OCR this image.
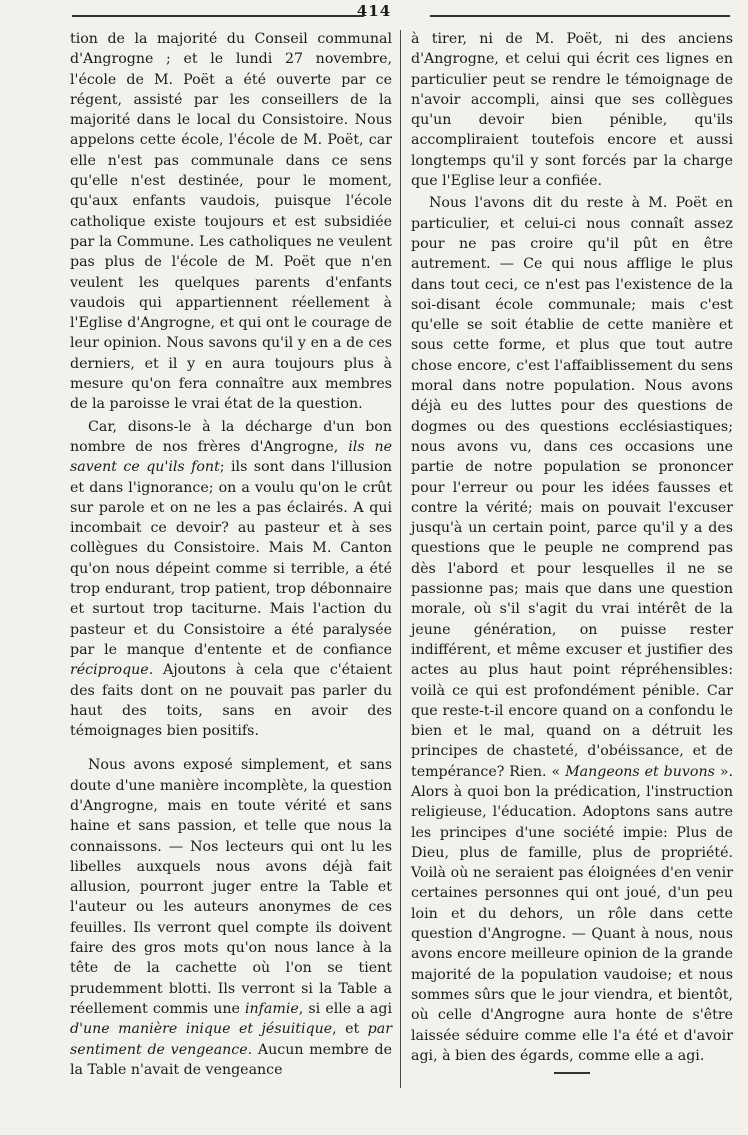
414

tion de la majorité du Conseil communal d'Angrogne ; et le lundi 27 novembre, l'école de M. Poët a été ouverte par ce régent, assisté par les conseillers de la majorité dans le local du Consistoire. Nous appelons cette école, l'école de M. Poët, car elle n'est pas communale dans ce sens qu'elle n'est destinée, pour le moment, qu'aux enfants vaudois, puisque l'école catholique existe toujours et est subsidiée par la Commune. Les catholiques ne veulent pas plus de l'école de M. Poët que n'en veulent les quelques parents d'enfants vaudois qui appartiennent réellement à l'Eglise d'Angrogne, et qui ont le courage de leur opinion. Nous savons qu'il y en a de ces derniers, et il y en aura toujours plus à mesure qu'on fera connaître aux membres de la paroisse le vrai état de la question.

Car, disons-le à la décharge d'un bon nombre de nos frères d'Angrogne, ils ne savent ce qu'ils font; ils sont dans l'illusion et dans l'ignorance; on a voulu qu'on le crût sur parole et on ne les a pas éclairés. A qui incombait ce devoir? au pasteur et à ses collègues du Consistoire. Mais M. Canton qu'on nous dépeint comme si terrible, a été trop endurant, trop patient, trop débonnaire et surtout trop taciturne. Mais l'action du pasteur et du Consistoire a été paralysée par le manque d'entente et de confiance réciproque. Ajoutons à cela que c'étaient des faits dont on ne pouvait pas parler du haut des toits, sans en avoir des témoignages bien positifs.

Nous avons exposé simplement, et sans doute d'une manière incomplète, la question d'Angrogne, mais en toute vérité et sans haine et sans passion, et telle que nous la connaissons. — Nos lecteurs qui ont lu les libelles auxquels nous avons déjà fait allusion, pourront juger entre la Table et l'auteur ou les auteurs anonymes de ces feuilles. Ils verront quel compte ils doivent faire des gros mots qu'on nous lance à la tête de la cachette où l'on se tient prudemment blotti. Ils verront si la Table a réellement commis une infamie, si elle a agi d'une manière inique et jésuitique, et par sentiment de vengeance. Aucun membre de la Table n'avait de vengeance

à tirer, ni de M. Poët, ni des anciens d'Angrogne, et celui qui écrit ces lignes en particulier peut se rendre le témoignage de n'avoir accompli, ainsi que ses collègues qu'un devoir bien pénible, qu'ils accompliraient toutefois encore et aussi longtemps qu'il y sont forcés par la charge que l'Eglise leur a confiée.

Nous l'avons dit du reste à M. Poët en particulier, et celui-ci nous connaît assez pour ne pas croire qu'il pût en être autrement. — Ce qui nous afflige le plus dans tout ceci, ce n'est pas l'existence de la soi-disant école communale; mais c'est qu'elle se soit établie de cette manière et sous cette forme, et plus que tout autre chose encore, c'est l'affaiblissement du sens moral dans notre population. Nous avons déjà eu des luttes pour des questions de dogmes ou des questions ecclésiastiques; nous avons vu, dans ces occasions une partie de notre population se prononcer pour l'erreur ou pour les idées fausses et contre la vérité; mais on pouvait l'excuser jusqu'à un certain point, parce qu'il y a des questions que le peuple ne comprend pas dès l'abord et pour lesquelles il ne se passionne pas; mais que dans une question morale, où s'il s'agit du vrai intérêt de la jeune génération, on puisse rester indifférent, et même excuser et justifier des actes au plus haut point répréhensibles: voilà ce qui est profondément pénible. Car que reste-t-il encore quand on a confondu le bien et le mal, quand on a détruit les principes de chasteté, d'obéissance, et de tempérance? Rien. « Mangeons et buvons ». Alors à quoi bon la prédication, l'instruction religieuse, l'éducation. Adoptons sans autre les principes d'une société impie: Plus de Dieu, plus de famille, plus de propriété. Voilà où ne seraient pas éloignées d'en venir certaines personnes qui ont joué, d'un peu loin et du dehors, un rôle dans cette question d'Angrogne. — Quant à nous, nous avons encore meilleure opinion de la grande majorité de la population vaudoise; et nous sommes sûrs que le jour viendra, et bientôt, où celle d'Angrogne aura honte de s'être laissée séduire comme elle l'a été et d'avoir agi, à bien des égards, comme elle a agi.
